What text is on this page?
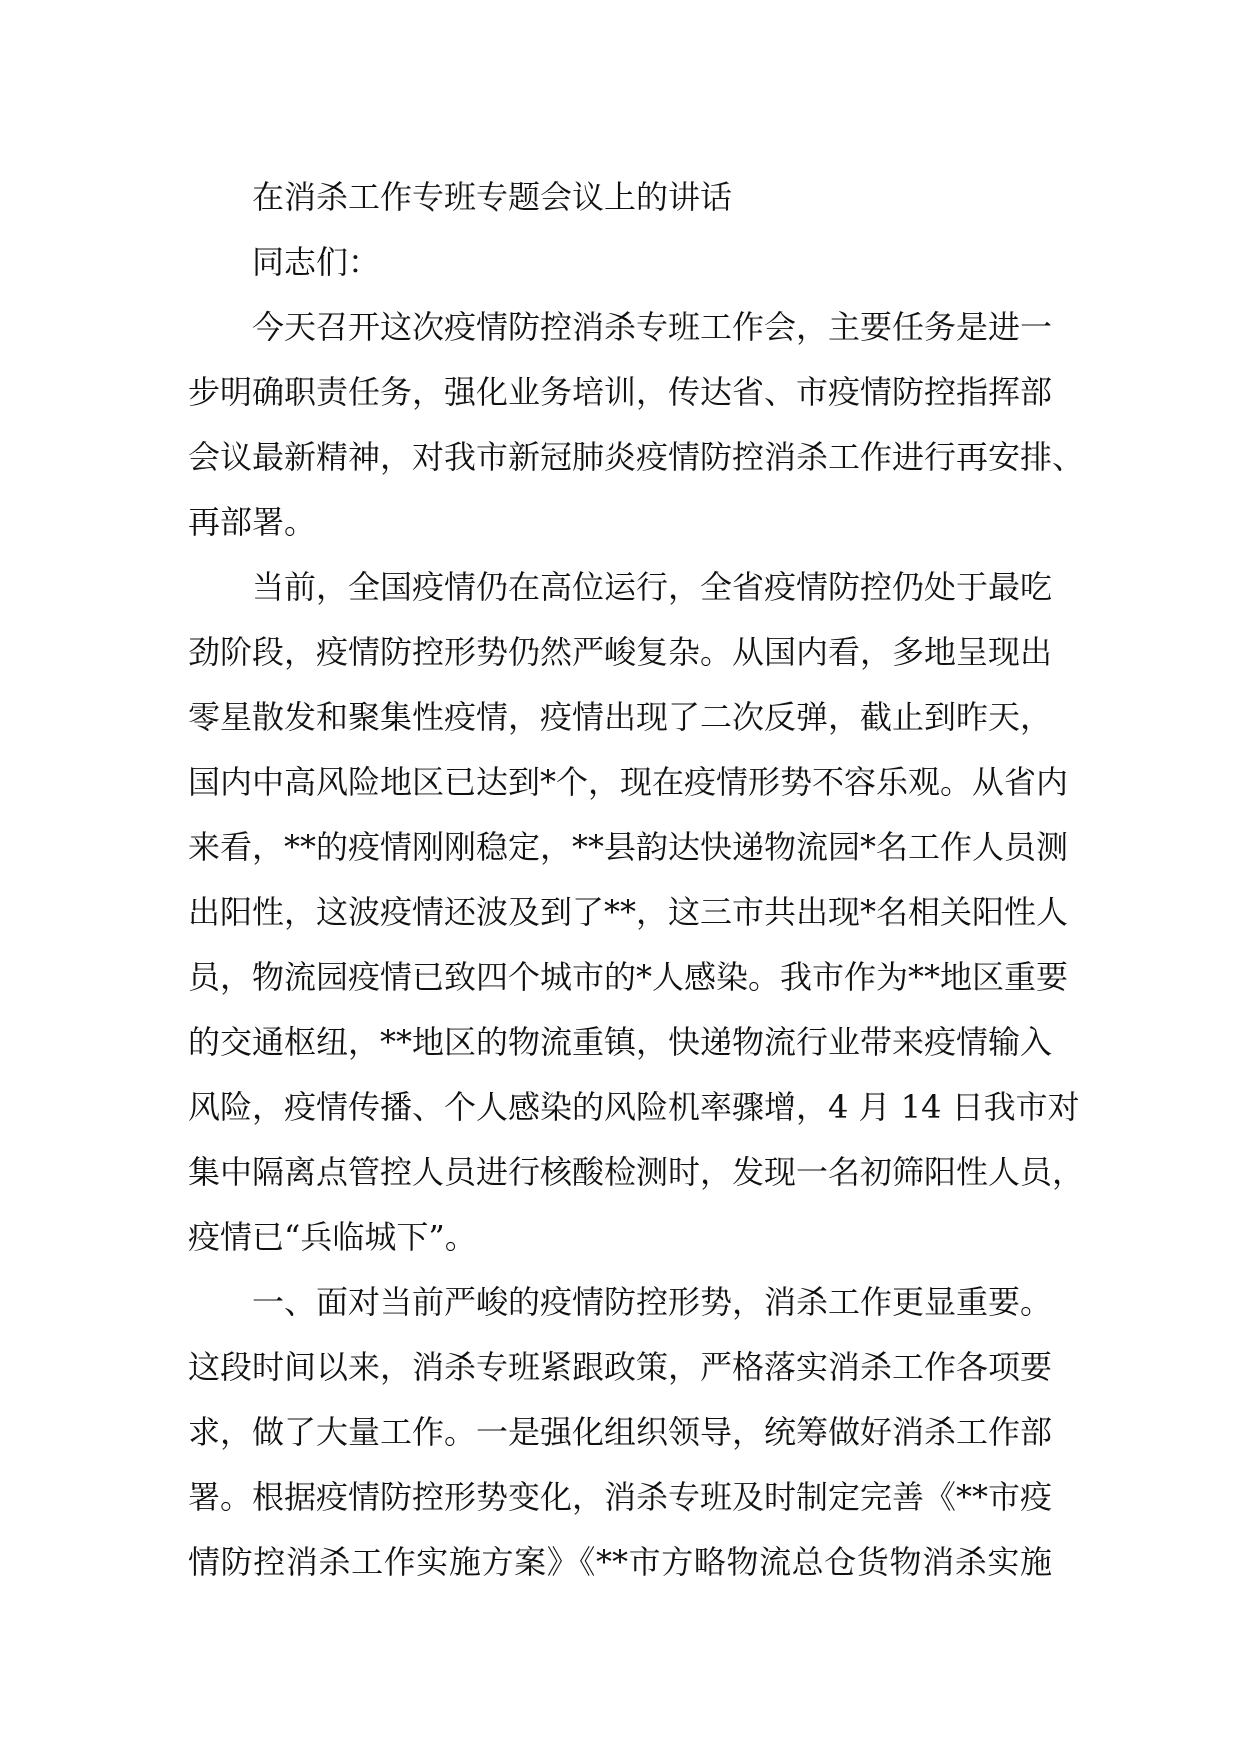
在消杀工作专班专题会议上的讲话
同志们：
今天召开这次疫情防控消杀专班工作会，主要任务是进一
步明确职责任务，强化业务培训，传达省、市疫情防控指挥部
会议最新精神，对我市新冠肺炎疫情防控消杀工作进行再安排、
再部署。
当前，全国疫情仍在高位运行，全省疫情防控仍处于最吃
劲阶段，疫情防控形势仍然严峻复杂。从国内看，多地呈现出
零星散发和聚集性疫情，疫情出现了二次反弹，截止到昨天，
国内中高风险地区已达到*个，现在疫情形势不容乐观。从省内
来看，**的疫情刚刚稳定，**县韵达快递物流园*名工作人员测
出阳性，这波疫情还波及到了**，这三市共出现*名相关阳性人
员，物流园疫情已致四个城市的*人感染。我市作为**地区重要
的交通枢纽，**地区的物流重镇，快递物流行业带来疫情输入
风险，疫情传播、个人感染的风险机率骤增，4 月 14 日我市对
集中隔离点管控人员进行核酸检测时，发现一名初筛阳性人员，
疫情已“兵临城下”。
一、面对当前严峻的疫情防控形势，消杀工作更显重要。
这段时间以来，消杀专班紧跟政策，严格落实消杀工作各项要
求，做了大量工作。一是强化组织领导，统筹做好消杀工作部
署。根据疫情防控形势变化，消杀专班及时制定完善《**市疫
情防控消杀工作实施方案》《**市方略物流总仓货物消杀实施
